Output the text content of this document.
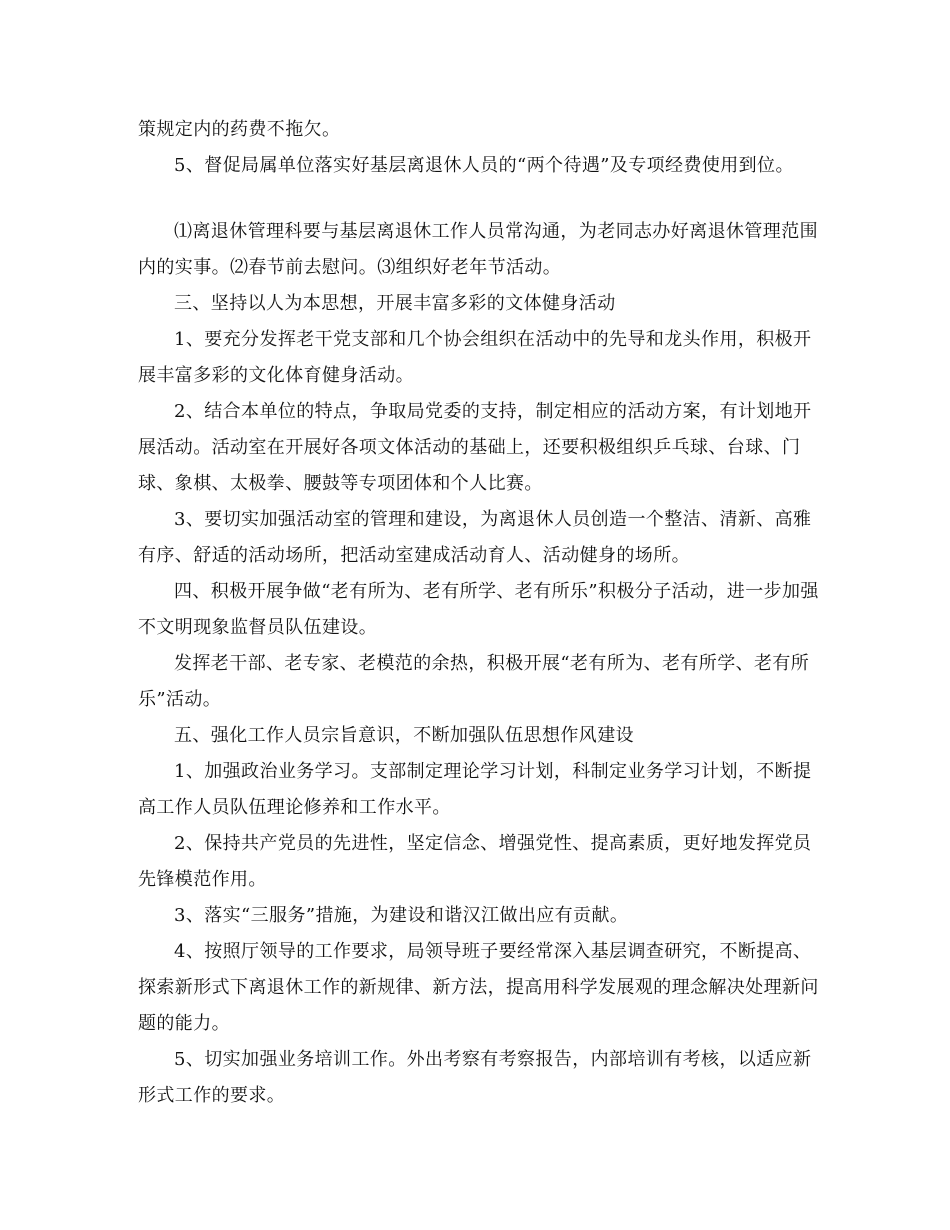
策规定内的药费不拖欠。

5、督促局属单位落实好基层离退休人员的“两个待遇”及专项经费使用到位。

⑴离退休管理科要与基层离退休工作人员常沟通，为老同志办好离退休管理范围内的实事。⑵春节前去慰问。⑶组织好老年节活动。

三、坚持以人为本思想，开展丰富多彩的文体健身活动

1、要充分发挥老干党支部和几个协会组织在活动中的先导和龙头作用，积极开展丰富多彩的文化体育健身活动。

2、结合本单位的特点，争取局党委的支持，制定相应的活动方案，有计划地开展活动。活动室在开展好各项文体活动的基础上，还要积极组织乒乓球、台球、门球、象棋、太极拳、腰鼓等专项团体和个人比赛。

3、要切实加强活动室的管理和建设，为离退休人员创造一个整洁、清新、高雅有序、舒适的活动场所，把活动室建成活动育人、活动健身的场所。

四、积极开展争做“老有所为、老有所学、老有所乐”积极分子活动，进一步加强不文明现象监督员队伍建设。

发挥老干部、老专家、老模范的余热，积极开展“老有所为、老有所学、老有所乐”活动。

五、强化工作人员宗旨意识，不断加强队伍思想作风建设

1、加强政治业务学习。支部制定理论学习计划，科制定业务学习计划，不断提高工作人员队伍理论修养和工作水平。

2、保持共产党员的先进性，坚定信念、增强党性、提高素质，更好地发挥党员先锋模范作用。

3、落实“三服务”措施，为建设和谐汉江做出应有贡献。

4、按照厅领导的工作要求，局领导班子要经常深入基层调查研究，不断提高、探索新形式下离退休工作的新规律、新方法，提高用科学发展观的理念解决处理新问题的能力。

5、切实加强业务培训工作。外出考察有考察报告，内部培训有考核，以适应新形式工作的要求。
